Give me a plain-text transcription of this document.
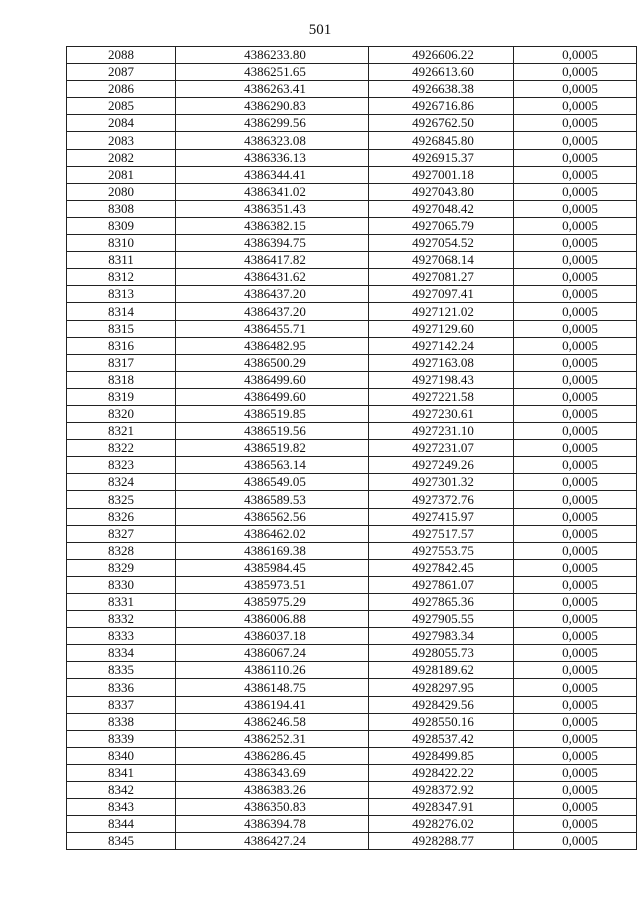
501
2088	4386233.80	4926606.22	0,0005
2087	4386251.65	4926613.60	0,0005
2086	4386263.41	4926638.38	0,0005
2085	4386290.83	4926716.86	0,0005
2084	4386299.56	4926762.50	0,0005
2083	4386323.08	4926845.80	0,0005
2082	4386336.13	4926915.37	0,0005
2081	4386344.41	4927001.18	0,0005
2080	4386341.02	4927043.80	0,0005
8308	4386351.43	4927048.42	0,0005
8309	4386382.15	4927065.79	0,0005
8310	4386394.75	4927054.52	0,0005
8311	4386417.82	4927068.14	0,0005
8312	4386431.62	4927081.27	0,0005
8313	4386437.20	4927097.41	0,0005
8314	4386437.20	4927121.02	0,0005
8315	4386455.71	4927129.60	0,0005
8316	4386482.95	4927142.24	0,0005
8317	4386500.29	4927163.08	0,0005
8318	4386499.60	4927198.43	0,0005
8319	4386499.60	4927221.58	0,0005
8320	4386519.85	4927230.61	0,0005
8321	4386519.56	4927231.10	0,0005
8322	4386519.82	4927231.07	0,0005
8323	4386563.14	4927249.26	0,0005
8324	4386549.05	4927301.32	0,0005
8325	4386589.53	4927372.76	0,0005
8326	4386562.56	4927415.97	0,0005
8327	4386462.02	4927517.57	0,0005
8328	4386169.38	4927553.75	0,0005
8329	4385984.45	4927842.45	0,0005
8330	4385973.51	4927861.07	0,0005
8331	4385975.29	4927865.36	0,0005
8332	4386006.88	4927905.55	0,0005
8333	4386037.18	4927983.34	0,0005
8334	4386067.24	4928055.73	0,0005
8335	4386110.26	4928189.62	0,0005
8336	4386148.75	4928297.95	0,0005
8337	4386194.41	4928429.56	0,0005
8338	4386246.58	4928550.16	0,0005
8339	4386252.31	4928537.42	0,0005
8340	4386286.45	4928499.85	0,0005
8341	4386343.69	4928422.22	0,0005
8342	4386383.26	4928372.92	0,0005
8343	4386350.83	4928347.91	0,0005
8344	4386394.78	4928276.02	0,0005
8345	4386427.24	4928288.77	0,0005
